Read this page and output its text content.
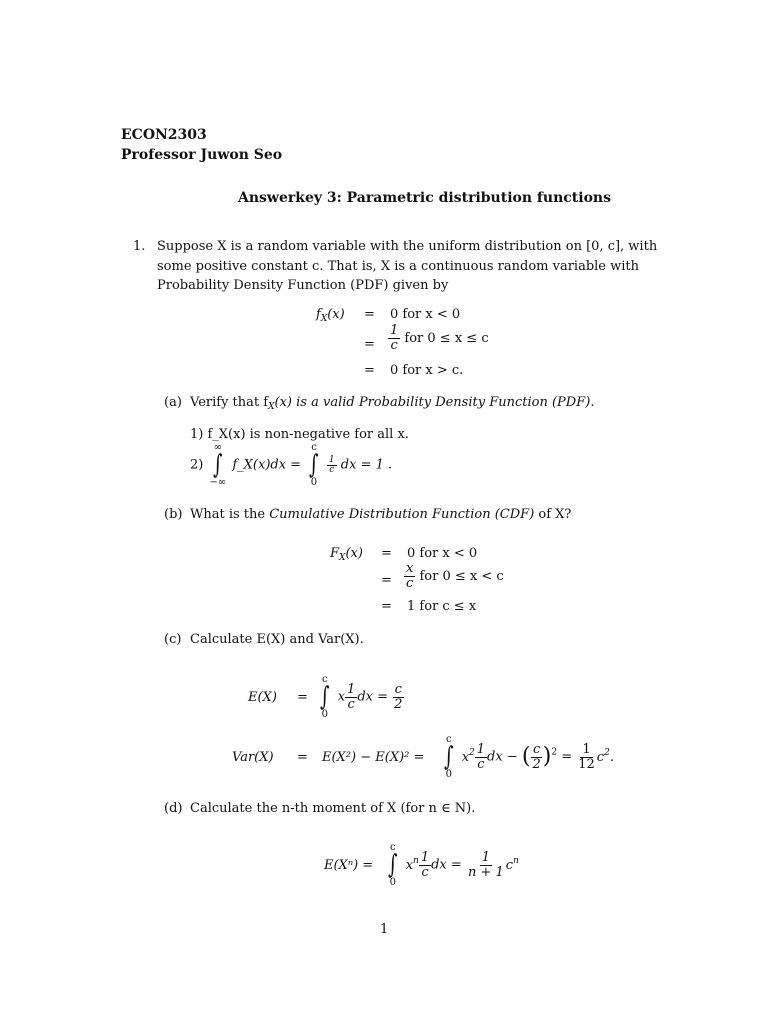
ECON2303
Professor Juwon Seo
Answerkey 3: Parametric distribution functions
1. Suppose X is a random variable with the uniform distribution on [0, c], with
some positive constant c. That is, X is a continuous random variable with
Probability Density Function (PDF) given by
$f_X(x) = 0$ for x < 0
= $\frac{1}{c}$ for 0 ≤ x ≤ c
= 0 for x > c.
(a) Verify that $f_X(x)$ is a valid Probability Density Function (PDF).
1) f_X(x) is non-negative for all x.
2)
∞
∫
−∞
f_X(x)dx =
c
∫
0

$\frac{1}{c}$ dx = 1 .
(b) What is the Cumulative Distribution Function (CDF) of X?
$F_X(x) = 0$ for x < 0
= $\frac{x}{c}$ for 0 ≤ x < c
= 1 for c ≤ x
(c) Calculate E(X) and Var(X).
E(X) =
c
∫
0
x $\frac{1}{c}$ dx = $\frac{c}{2}$
Var(X) = E(X²) − E(X)² =
c
∫
0
$x^2 \frac{1}{c}$ dx − ( $\frac{c}{2} )^2 = \frac{1}{12} c^2$.
(d) Calculate the n-th moment of X (for n ∈ N).
E(Xⁿ) =
c
∫
0
$x^n \frac{1}{c}$ dx = $\frac{1}{n + 1} c^n$
1
